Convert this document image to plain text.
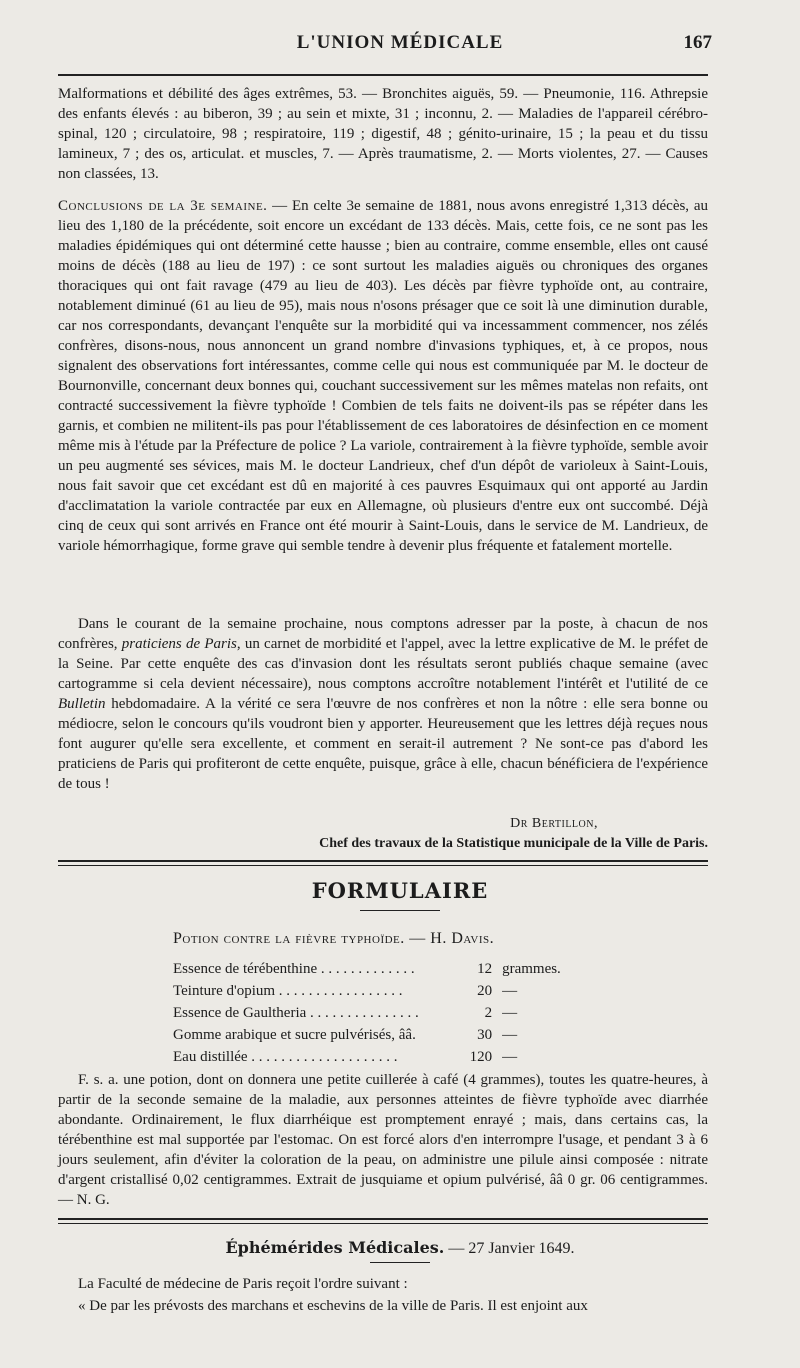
L'UNION MÉDICALE	167

Malformations et débilité des âges extrêmes, 53. — Bronchites aiguës, 59. — Pneumonie, 116. Athrepsie des enfants élevés : au biberon, 39 ; au sein et mixte, 31 ; inconnu, 2. — Maladies de l'appareil cérébro-spinal, 120 ; circulatoire, 98 ; respiratoire, 119 ; digestif, 48 ; génito-urinaire, 15 ; la peau et du tissu lamineux, 7 ; des os, articulat. et muscles, 7. — Après traumatisme, 2. — Morts violentes, 27. — Causes non classées, 13.

Conclusions de la 3e semaine. — En celte 3e semaine de 1881, nous avons enregistré 1,313 décès, au lieu des 1,180 de la précédente, soit encore un excédant de 133 décès. Mais, cette fois, ce ne sont pas les maladies épidémiques qui ont déterminé cette hausse ; bien au contraire, comme ensemble, elles ont causé moins de décès (188 au lieu de 197) : ce sont surtout les maladies aiguës ou chroniques des organes thoraciques qui ont fait ravage (479 au lieu de 403). Les décès par fièvre typhoïde ont, au contraire, notablement diminué (61 au lieu de 95), mais nous n'osons présager que ce soit là une diminution durable, car nos correspondants, devançant l'enquête sur la morbidité qui va incessamment commencer, nos zélés confrères, disons-nous, nous annoncent un grand nombre d'invasions typhiques, et, à ce propos, nous signalent des observations fort intéressantes, comme celle qui nous est communiquée par M. le docteur de Bournonville, concernant deux bonnes qui, couchant successivement sur les mêmes matelas non refaits, ont contracté successivement la fièvre typhoïde ! Combien de tels faits ne doivent-ils pas se répéter dans les garnis, et combien ne militent-ils pas pour l'établissement de ces laboratoires de désinfection en ce moment même mis à l'étude par la Préfecture de police ? La variole, contrairement à la fièvre typhoïde, semble avoir un peu augmenté ses sévices, mais M. le docteur Landrieux, chef d'un dépôt de varioleux à Saint-Louis, nous fait savoir que cet excédant est dû en majorité à ces pauvres Esquimaux qui ont apporté au Jardin d'acclimatation la variole contractée par eux en Allemagne, où plusieurs d'entre eux ont succombé. Déjà cinq de ceux qui sont arrivés en France ont été mourir à Saint-Louis, dans le service de M. Landrieux, de variole hémorrhagique, forme grave qui semble tendre à devenir plus fréquente et fatalement mortelle.

Dans le courant de la semaine prochaine, nous comptons adresser par la poste, à chacun de nos confrères, praticiens de Paris, un carnet de morbidité et l'appel, avec la lettre explicative de M. le préfet de la Seine. Par cette enquête des cas d'invasion dont les résultats seront publiés chaque semaine (avec cartogramme si cela devient nécessaire), nous comptons accroître notablement l'intérêt et l'utilité de ce Bulletin hebdomadaire. A la vérité ce sera l'œuvre de nos confrères et non la nôtre : elle sera bonne ou médiocre, selon le concours qu'ils voudront bien y apporter. Heureusement que les lettres déjà reçues nous font augurer qu'elle sera excellente, et comment en serait-il autrement ? Ne sont-ce pas d'abord les praticiens de Paris qui profiteront de cette enquête, puisque, grâce à elle, chacun bénéficiera de l'expérience de tous !

Dr Bertillon,
Chef des travaux de la Statistique municipale de la Ville de Paris.
FORMULAIRE
Potion contre la fièvre typhoïde. — H. Davis.
Essence de térébenthine . . . . . . . . . . . . .	12 grammes.
Teinture d'opium . . . . . . . . . . . . . . . . .	20 —
Essence de Gaultheria . . . . . . . . . . . . . . .	2 —
Gomme arabique et sucre pulvérisés, ââ.	30 —
Eau distillée . . . . . . . . . . . . . . . . . . . .	120 —

F. s. a. une potion, dont on donnera une petite cuillerée à café (4 grammes), toutes les quatre-heures, à partir de la seconde semaine de la maladie, aux personnes atteintes de fièvre typhoïde avec diarrhée abondante. Ordinairement, le flux diarrhéique est promptement enrayé ; mais, dans certains cas, la térébenthine est mal supportée par l'estomac. On est forcé alors d'en interrompre l'usage, et pendant 3 à 6 jours seulement, afin d'éviter la coloration de la peau, on administre une pilule ainsi composée : nitrate d'argent cristallisé 0,02 centigrammes. Extrait de jusquiame et opium pulvérisé, ââ 0 gr. 06 centigrammes. — N. G.

Éphémérides Médicales. — 27 Janvier 1649.

La Faculté de médecine de Paris reçoit l'ordre suivant :

« De par les prévosts des marchans et eschevins de la ville de Paris. Il est enjoint aux
